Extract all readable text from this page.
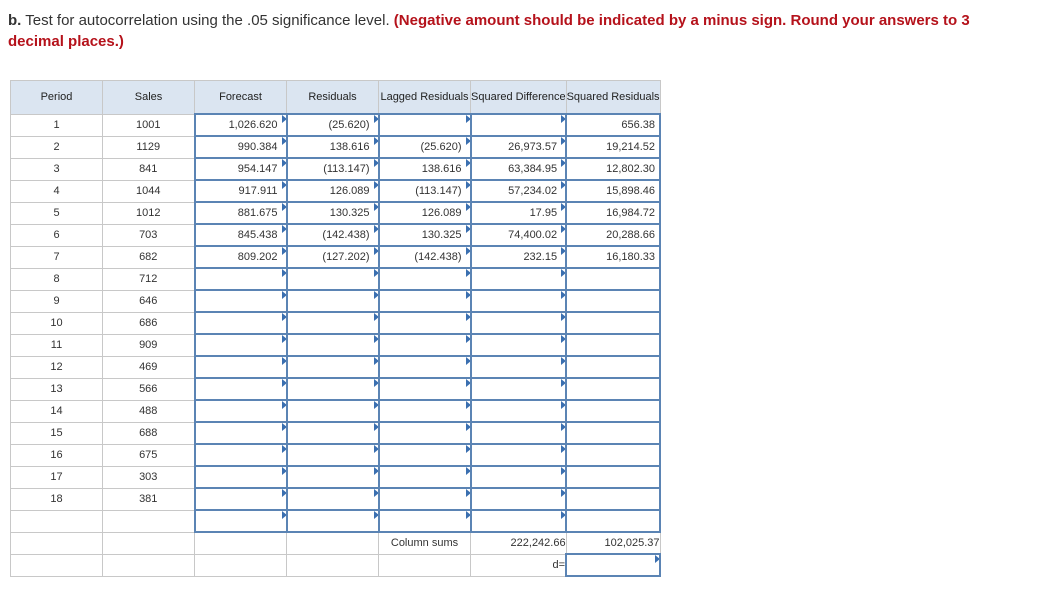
b. Test for autocorrelation using the .05 significance level. (Negative amount should be indicated by a minus sign. Round your answers to 3 decimal places.)
Period	Sales	Forecast	Residuals	Lagged Residuals	Squared Difference	Squared Residuals
1	1001	1,026.620	(25.620)			656.38
2	1129	990.384	138.616	(25.620)	26,973.57	19,214.52
3	841	954.147	(113.147)	138.616	63,384.95	12,802.30
4	1044	917.911	126.089	(113.147)	57,234.02	15,898.46
5	1012	881.675	130.325	126.089	17.95	16,984.72
6	703	845.438	(142.438)	130.325	74,400.02	20,288.66
7	682	809.202	(127.202)	(142.438)	232.15	16,180.33
8	712	

9	646	

10	686	

11	909	

12	469	

13	566	

14	488	

15	688	

16	675	

17	303	

18	381	

				Column sums	222,242.66	102,025.37
					d=	
